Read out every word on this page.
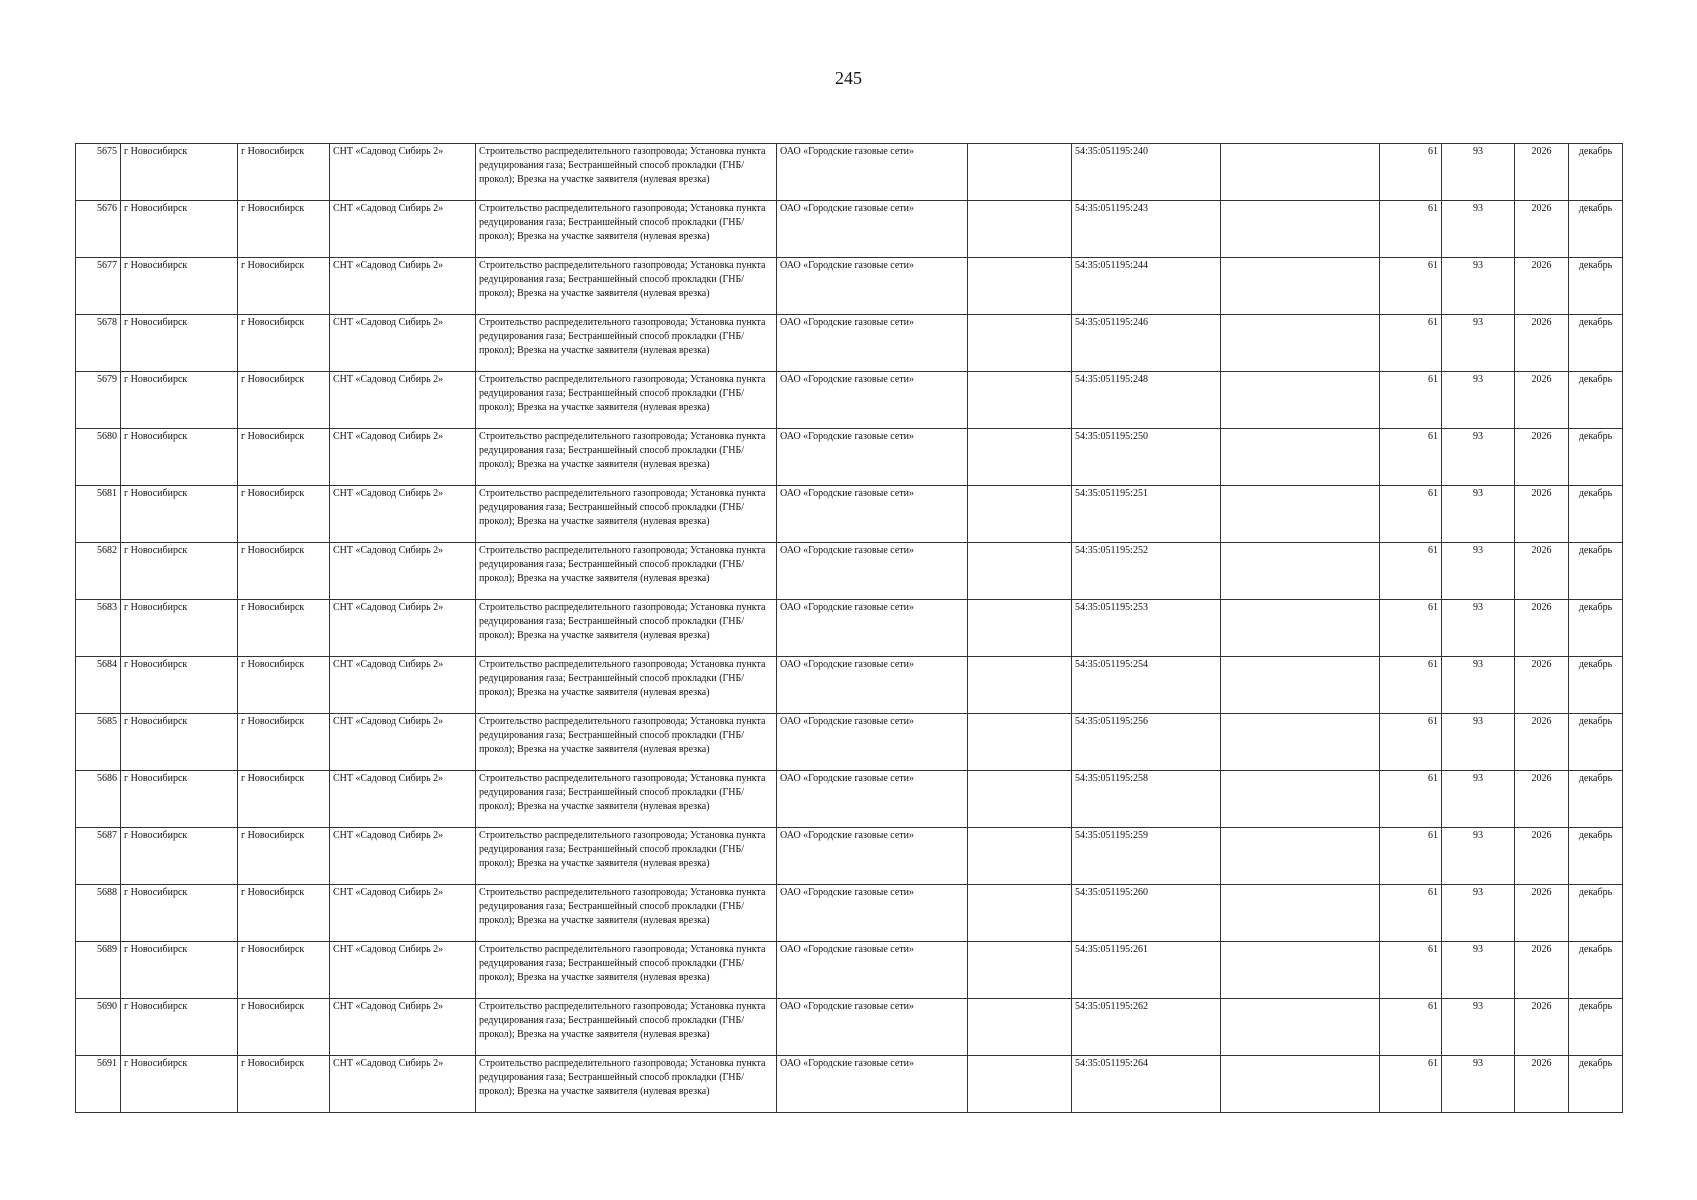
245
5675	г Новосибирск	г Новосибирск	СНТ «Садовод Сибирь 2»	Строительство распределительного газопровода; Установка пункта редуцирования газа; Бестраншейный способ прокладки (ГНБ/прокол); Врезка на участке заявителя (нулевая врезка)	ОАО «Городские газовые сети»		54:35:051195:240		61	93	2026	декабрь
5676	г Новосибирск	г Новосибирск	СНТ «Садовод Сибирь 2»	Строительство распределительного газопровода; Установка пункта редуцирования газа; Бестраншейный способ прокладки (ГНБ/прокол); Врезка на участке заявителя (нулевая врезка)	ОАО «Городские газовые сети»		54:35:051195:243		61	93	2026	декабрь
5677	г Новосибирск	г Новосибирск	СНТ «Садовод Сибирь 2»	Строительство распределительного газопровода; Установка пункта редуцирования газа; Бестраншейный способ прокладки (ГНБ/прокол); Врезка на участке заявителя (нулевая врезка)	ОАО «Городские газовые сети»		54:35:051195:244		61	93	2026	декабрь
5678	г Новосибирск	г Новосибирск	СНТ «Садовод Сибирь 2»	Строительство распределительного газопровода; Установка пункта редуцирования газа; Бестраншейный способ прокладки (ГНБ/прокол); Врезка на участке заявителя (нулевая врезка)	ОАО «Городские газовые сети»		54:35:051195:246		61	93	2026	декабрь
5679	г Новосибирск	г Новосибирск	СНТ «Садовод Сибирь 2»	Строительство распределительного газопровода; Установка пункта редуцирования газа; Бестраншейный способ прокладки (ГНБ/прокол); Врезка на участке заявителя (нулевая врезка)	ОАО «Городские газовые сети»		54:35:051195:248		61	93	2026	декабрь
5680	г Новосибирск	г Новосибирск	СНТ «Садовод Сибирь 2»	Строительство распределительного газопровода; Установка пункта редуцирования газа; Бестраншейный способ прокладки (ГНБ/прокол); Врезка на участке заявителя (нулевая врезка)	ОАО «Городские газовые сети»		54:35:051195:250		61	93	2026	декабрь
5681	г Новосибирск	г Новосибирск	СНТ «Садовод Сибирь 2»	Строительство распределительного газопровода; Установка пункта редуцирования газа; Бестраншейный способ прокладки (ГНБ/прокол); Врезка на участке заявителя (нулевая врезка)	ОАО «Городские газовые сети»		54:35:051195:251		61	93	2026	декабрь
5682	г Новосибирск	г Новосибирск	СНТ «Садовод Сибирь 2»	Строительство распределительного газопровода; Установка пункта редуцирования газа; Бестраншейный способ прокладки (ГНБ/прокол); Врезка на участке заявителя (нулевая врезка)	ОАО «Городские газовые сети»		54:35:051195:252		61	93	2026	декабрь
5683	г Новосибирск	г Новосибирск	СНТ «Садовод Сибирь 2»	Строительство распределительного газопровода; Установка пункта редуцирования газа; Бестраншейный способ прокладки (ГНБ/прокол); Врезка на участке заявителя (нулевая врезка)	ОАО «Городские газовые сети»		54:35:051195:253		61	93	2026	декабрь
5684	г Новосибирск	г Новосибирск	СНТ «Садовод Сибирь 2»	Строительство распределительного газопровода; Установка пункта редуцирования газа; Бестраншейный способ прокладки (ГНБ/прокол); Врезка на участке заявителя (нулевая врезка)	ОАО «Городские газовые сети»		54:35:051195:254		61	93	2026	декабрь
5685	г Новосибирск	г Новосибирск	СНТ «Садовод Сибирь 2»	Строительство распределительного газопровода; Установка пункта редуцирования газа; Бестраншейный способ прокладки (ГНБ/прокол); Врезка на участке заявителя (нулевая врезка)	ОАО «Городские газовые сети»		54:35:051195:256		61	93	2026	декабрь
5686	г Новосибирск	г Новосибирск	СНТ «Садовод Сибирь 2»	Строительство распределительного газопровода; Установка пункта редуцирования газа; Бестраншейный способ прокладки (ГНБ/прокол); Врезка на участке заявителя (нулевая врезка)	ОАО «Городские газовые сети»		54:35:051195:258		61	93	2026	декабрь
5687	г Новосибирск	г Новосибирск	СНТ «Садовод Сибирь 2»	Строительство распределительного газопровода; Установка пункта редуцирования газа; Бестраншейный способ прокладки (ГНБ/прокол); Врезка на участке заявителя (нулевая врезка)	ОАО «Городские газовые сети»		54:35:051195:259		61	93	2026	декабрь
5688	г Новосибирск	г Новосибирск	СНТ «Садовод Сибирь 2»	Строительство распределительного газопровода; Установка пункта редуцирования газа; Бестраншейный способ прокладки (ГНБ/прокол); Врезка на участке заявителя (нулевая врезка)	ОАО «Городские газовые сети»		54:35:051195:260		61	93	2026	декабрь
5689	г Новосибирск	г Новосибирск	СНТ «Садовод Сибирь 2»	Строительство распределительного газопровода; Установка пункта редуцирования газа; Бестраншейный способ прокладки (ГНБ/прокол); Врезка на участке заявителя (нулевая врезка)	ОАО «Городские газовые сети»		54:35:051195:261		61	93	2026	декабрь
5690	г Новосибирск	г Новосибирск	СНТ «Садовод Сибирь 2»	Строительство распределительного газопровода; Установка пункта редуцирования газа; Бестраншейный способ прокладки (ГНБ/прокол); Врезка на участке заявителя (нулевая врезка)	ОАО «Городские газовые сети»		54:35:051195:262		61	93	2026	декабрь
5691	г Новосибирск	г Новосибирск	СНТ «Садовод Сибирь 2»	Строительство распределительного газопровода; Установка пункта редуцирования газа; Бестраншейный способ прокладки (ГНБ/прокол); Врезка на участке заявителя (нулевая врезка)	ОАО «Городские газовые сети»		54:35:051195:264		61	93	2026	декабрь
